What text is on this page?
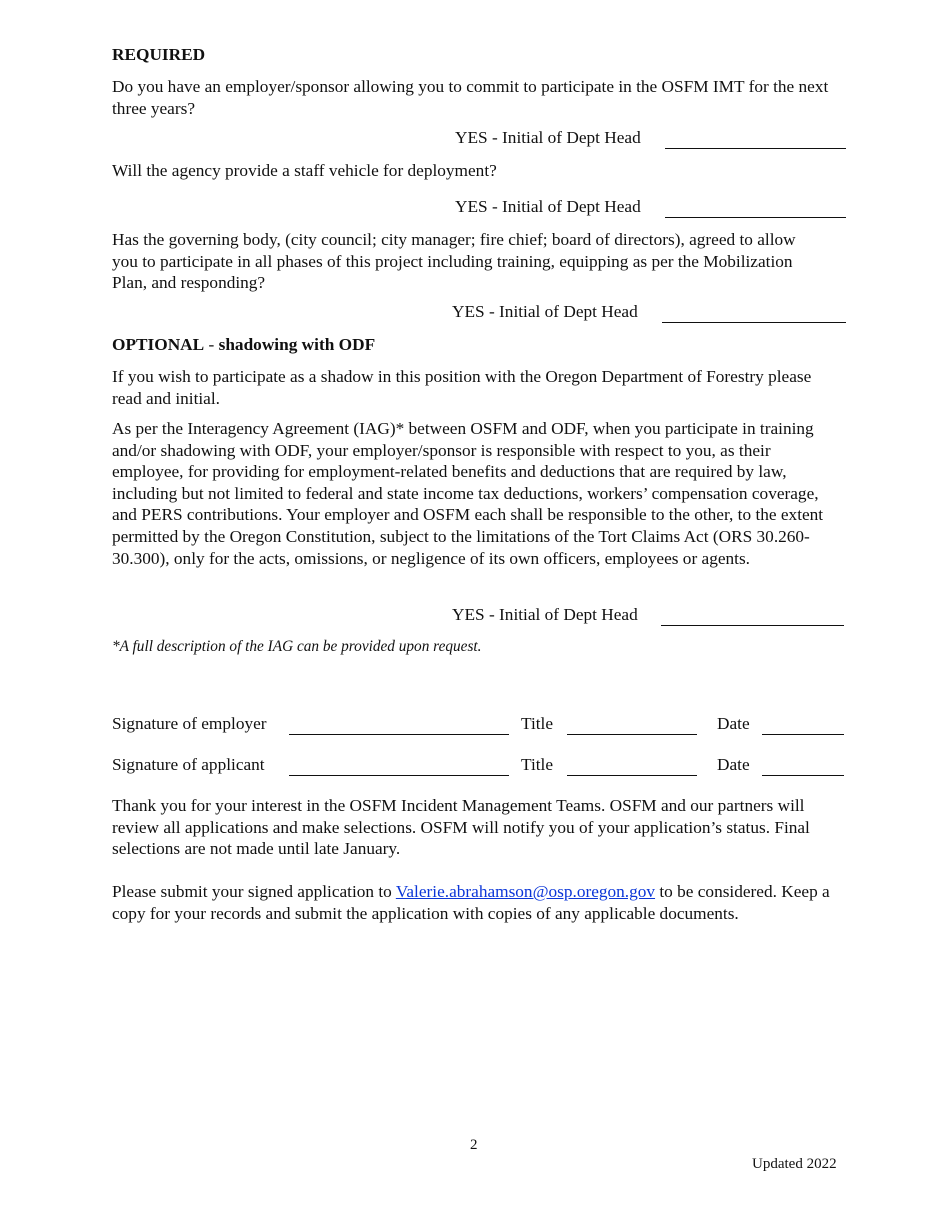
REQUIRED

Do you have an employer/sponsor allowing you to commit to participate in the OSFM IMT for the next three years?

YES - Initial of Dept Head

Will the agency provide a staff vehicle for deployment?

YES - Initial of Dept Head

Has the governing body, (city council; city manager; fire chief; board of directors), agreed to allow you to participate in all phases of this project including training, equipping as per the Mobilization Plan, and responding?

YES - Initial of Dept Head

OPTIONAL - shadowing with ODF

If you wish to participate as a shadow in this position with the Oregon Department of Forestry please read and initial.

As per the Interagency Agreement (IAG)* between OSFM and ODF, when you participate in training and/or shadowing with ODF, your employer/sponsor is responsible with respect to you, as their employee, for providing for employment-related benefits and deductions that are required by law, including but not limited to federal and state income tax deductions, workers’ compensation coverage, and PERS contributions. Your employer and OSFM each shall be responsible to the other, to the extent permitted by the Oregon Constitution, subject to the limitations of the Tort Claims Act (ORS 30.260-30.300), only for the acts, omissions, or negligence of its own officers, employees or agents.

YES - Initial of Dept Head

*A full description of the IAG can be provided upon request.

Signature of employer	Title	Date
Signature of applicant	Title	Date

Thank you for your interest in the OSFM Incident Management Teams. OSFM and our partners will review all applications and make selections. OSFM will notify you of your application’s status. Final selections are not made until late January.

Please submit your signed application to Valerie.abrahamson@osp.oregon.gov to be considered. Keep a copy for your records and submit the application with copies of any applicable documents.

2
Updated 2022
